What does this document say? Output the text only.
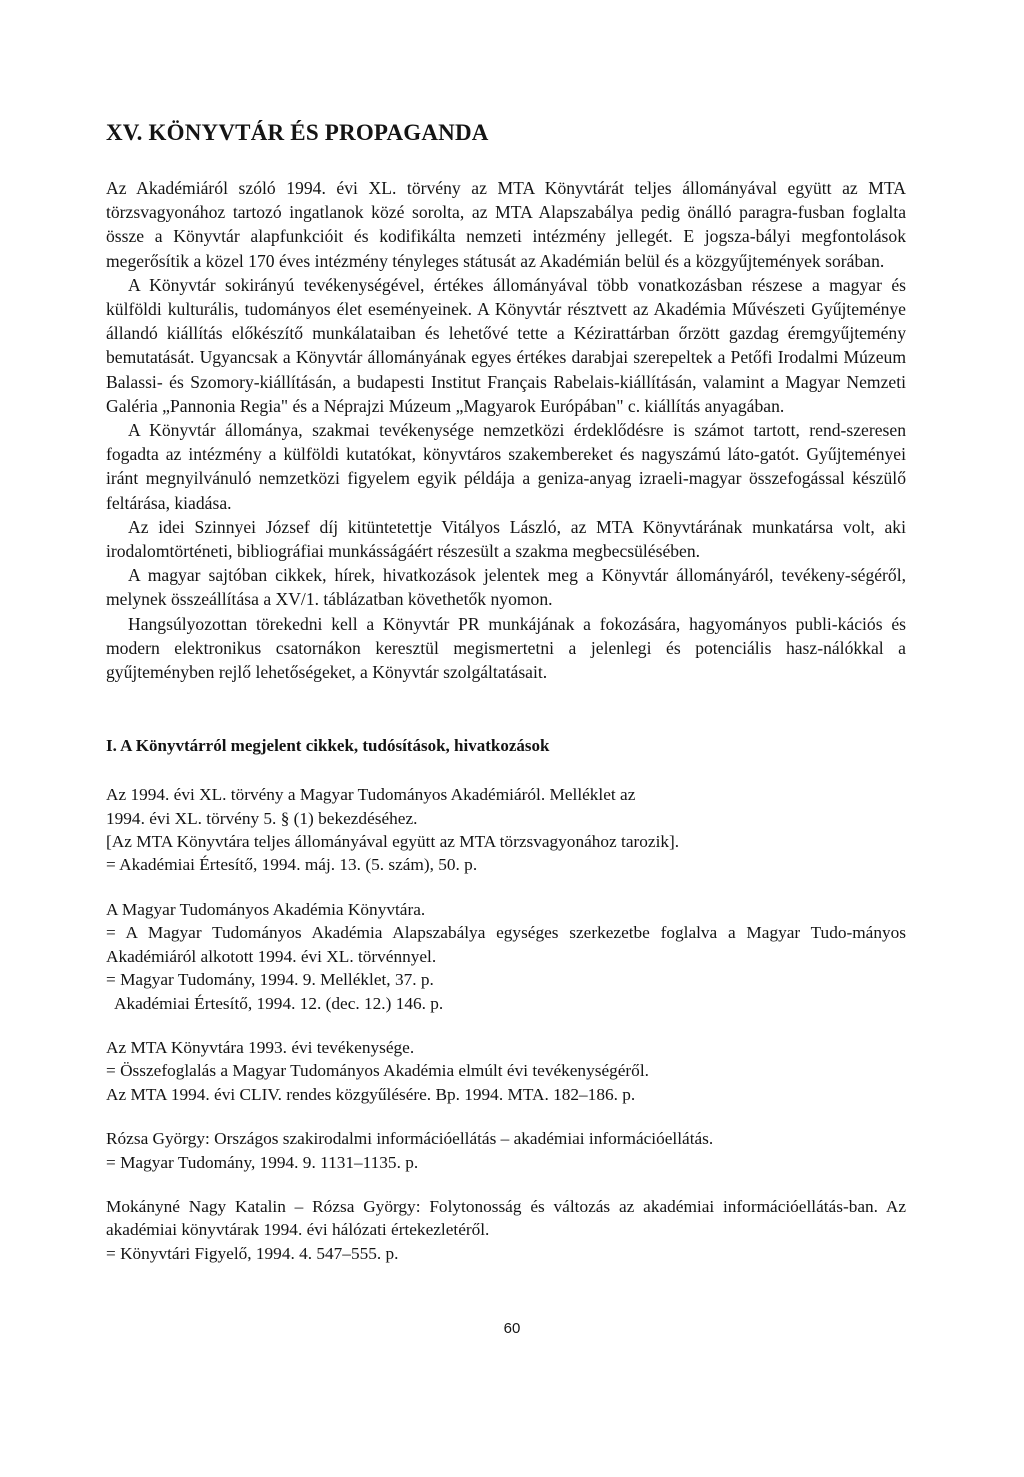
XV. KÖNYVTÁR ÉS PROPAGANDA

Az Akadémiáról szóló 1994. évi XL. törvény az MTA Könyvtárát teljes állományával együtt az MTA törzsvagyonához tartozó ingatlanok közé sorolta, az MTA Alapszabálya pedig önálló paragra-fusban foglalta össze a Könyvtár alapfunkcióit és kodifikálta nemzeti intézmény jellegét. E jogsza-bályi megfontolások megerősítik a közel 170 éves intézmény tényleges státusát az Akadémián belül és a közgyűjtemények sorában.

A Könyvtár sokirányú tevékenységével, értékes állományával több vonatkozásban részese a magyar és külföldi kulturális, tudományos élet eseményeinek. A Könyvtár résztvett az Akadémia Művészeti Gyűjteménye állandó kiállítás előkészítő munkálataiban és lehetővé tette a Kézirattárban őrzött gazdag éremgyűjtemény bemutatását. Ugyancsak a Könyvtár állományának egyes értékes darabjai szerepeltek a Petőfi Irodalmi Múzeum Balassi- és Szomory-kiállításán, a budapesti Institut Français Rabelais-kiállításán, valamint a Magyar Nemzeti Galéria „Pannonia Regia" és a Néprajzi Múzeum „Magyarok Európában" c. kiállítás anyagában.

A Könyvtár állománya, szakmai tevékenysége nemzetközi érdeklődésre is számot tartott, rend-szeresen fogadta az intézmény a külföldi kutatókat, könyvtáros szakembereket és nagyszámú láto-gatót. Gyűjteményei iránt megnyilvánuló nemzetközi figyelem egyik példája a geniza-anyag izraeli-magyar összefogással készülő feltárása, kiadása.

Az idei Szinnyei József díj kitüntetettje Vitályos László, az MTA Könyvtárának munkatársa volt, aki irodalomtörténeti, bibliográfiai munkásságáért részesült a szakma megbecsülésében.

A magyar sajtóban cikkek, hírek, hivatkozások jelentek meg a Könyvtár állományáról, tevékeny-ségéről, melynek összeállítása a XV/1. táblázatban követhetők nyomon.

Hangsúlyozottan törekedni kell a Könyvtár PR munkájának a fokozására, hagyományos publi-kációs és modern elektronikus csatornákon keresztül megismertetni a jelenlegi és potenciális hasz-nálókkal a gyűjteményben rejlő lehetőségeket, a Könyvtár szolgáltatásait.

I. A Könyvtárról megjelent cikkek, tudósítások, hivatkozások

Az 1994. évi XL. törvény a Magyar Tudományos Akadémiáról. Melléklet az

1994. évi XL. törvény 5. § (1) bekezdéséhez.

[Az MTA Könyvtára teljes állományával együtt az MTA törzsvagyonához tarozik].

= Akadémiai Értesítő, 1994. máj. 13. (5. szám), 50. p.

A Magyar Tudományos Akadémia Könyvtára.

= A Magyar Tudományos Akadémia Alapszabálya egységes szerkezetbe foglalva a Magyar Tudo-mányos Akadémiáról alkotott 1994. évi XL. törvénnyel.

= Magyar Tudomány, 1994. 9. Melléklet, 37. p.

Akadémiai Értesítő, 1994. 12. (dec. 12.) 146. p.

Az MTA Könyvtára 1993. évi tevékenysége.

= Összefoglalás a Magyar Tudományos Akadémia elmúlt évi tevékenységéről.

Az MTA 1994. évi CLIV. rendes közgyűlésére. Bp. 1994. MTA. 182–186. p.

Rózsa György: Országos szakirodalmi információellátás – akadémiai információellátás.

= Magyar Tudomány, 1994. 9. 1131–1135. p.

Mokányné Nagy Katalin – Rózsa György: Folytonosság és változás az akadémiai információellátás-ban. Az akadémiai könyvtárak 1994. évi hálózati értekezletéről.

= Könyvtári Figyelő, 1994. 4. 547–555. p.

60
